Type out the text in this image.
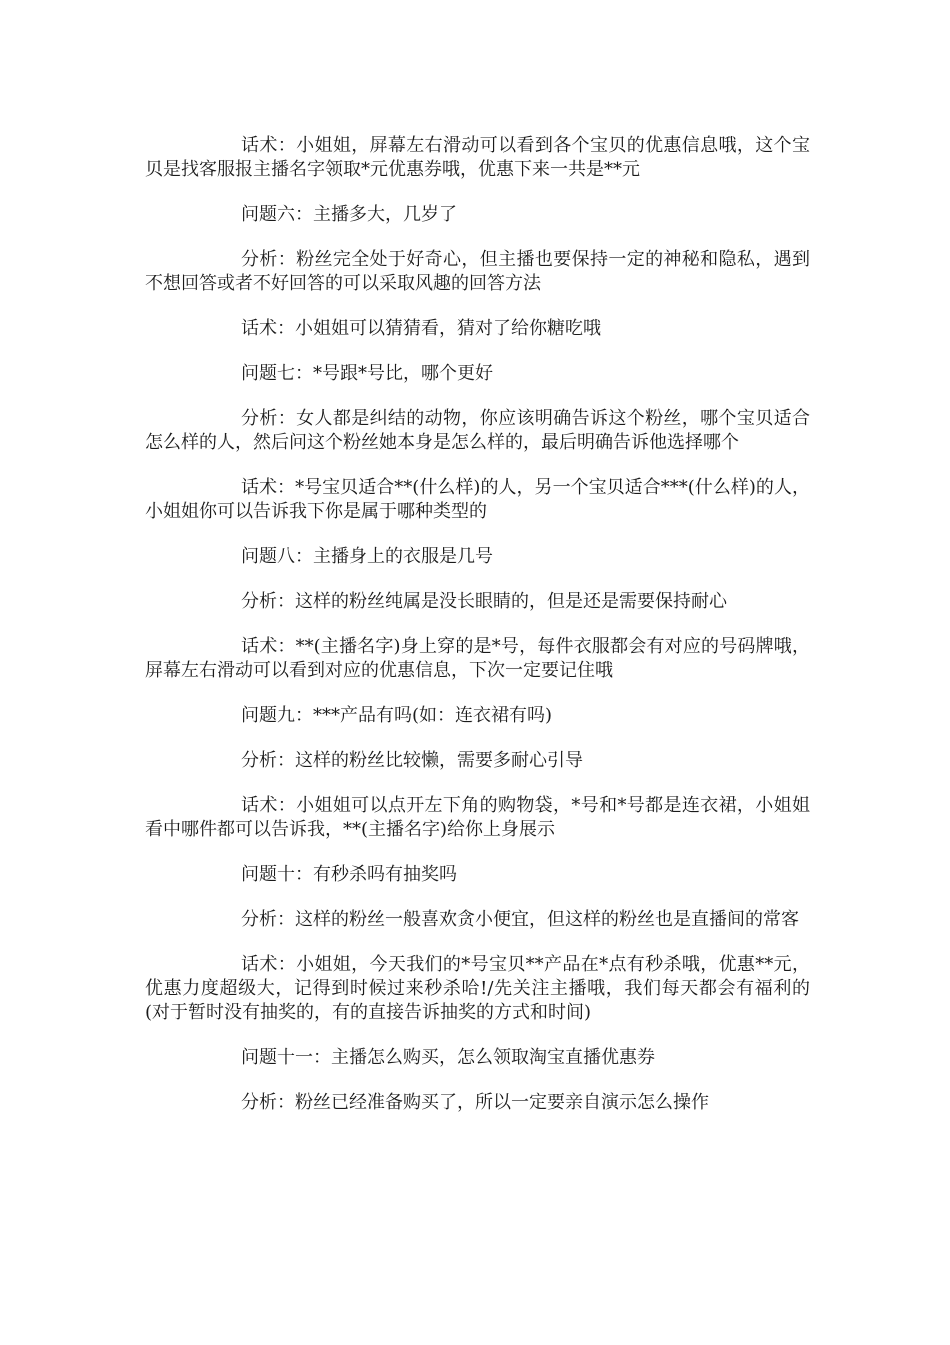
话术：小姐姐，屏幕左右滑动可以看到各个宝贝的优惠信息哦，这个宝贝是找客服报主播名字领取*元优惠券哦，优惠下来一共是**元

问题六：主播多大，几岁了

分析：粉丝完全处于好奇心，但主播也要保持一定的神秘和隐私，遇到不想回答或者不好回答的可以采取风趣的回答方法

话术：小姐姐可以猜猜看，猜对了给你糖吃哦

问题七：*号跟*号比，哪个更好

分析：女人都是纠结的动物，你应该明确告诉这个粉丝，哪个宝贝适合怎么样的人，然后问这个粉丝她本身是怎么样的，最后明确告诉他选择哪个

话术：*号宝贝适合**(什么样)的人，另一个宝贝适合***(什么样)的人，小姐姐你可以告诉我下你是属于哪种类型的

问题八：主播身上的衣服是几号

分析：这样的粉丝纯属是没长眼睛的，但是还是需要保持耐心

话术：**(主播名字)身上穿的是*号，每件衣服都会有对应的号码牌哦，屏幕左右滑动可以看到对应的优惠信息，下次一定要记住哦

问题九：***产品有吗(如：连衣裙有吗)

分析：这样的粉丝比较懒，需要多耐心引导

话术：小姐姐可以点开左下角的购物袋，*号和*号都是连衣裙，小姐姐看中哪件都可以告诉我，**(主播名字)给你上身展示

问题十：有秒杀吗有抽奖吗

分析：这样的粉丝一般喜欢贪小便宜，但这样的粉丝也是直播间的常客

话术：小姐姐，今天我们的*号宝贝**产品在*点有秒杀哦，优惠**元，优惠力度超级大，记得到时候过来秒杀哈!/先关注主播哦，我们每天都会有福利的(对于暂时没有抽奖的，有的直接告诉抽奖的方式和时间)

问题十一：主播怎么购买，怎么领取淘宝直播优惠券

分析：粉丝已经准备购买了，所以一定要亲自演示怎么操作
